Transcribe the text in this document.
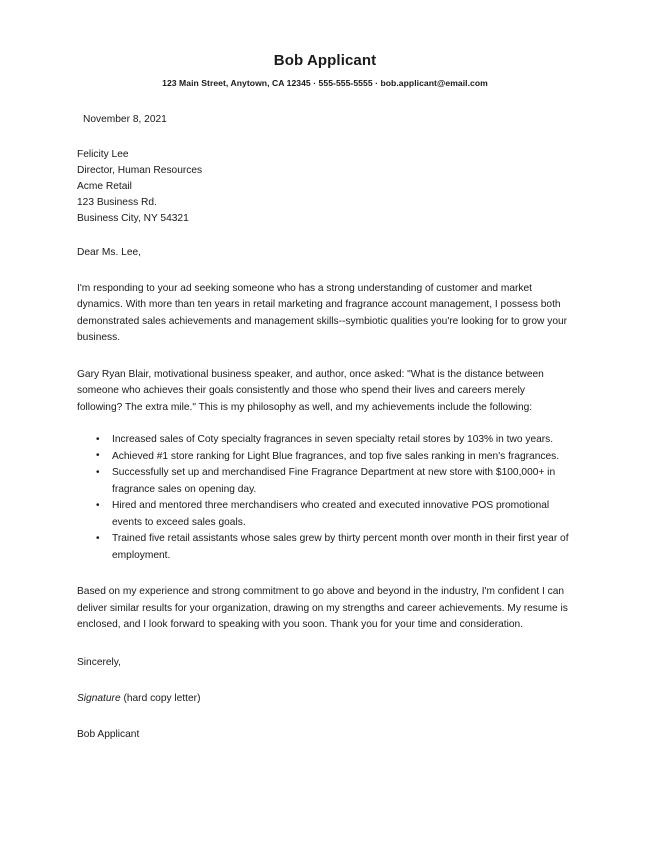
Bob Applicant
123 Main Street, Anytown, CA 12345 · 555-555-5555 · bob.applicant@email.com
November 8, 2021
Felicity Lee
Director, Human Resources
Acme Retail
123 Business Rd.
Business City, NY 54321
Dear Ms. Lee,

I'm responding to your ad seeking someone who has a strong understanding of customer and market dynamics. With more than ten years in retail marketing and fragrance account management, I possess both demonstrated sales achievements and management skills--symbiotic qualities you're looking for to grow your business.

Gary Ryan Blair, motivational business speaker, and author, once asked: "What is the distance between someone who achieves their goals consistently and those who spend their lives and careers merely following? The extra mile." This is my philosophy as well, and my achievements include the following:

• Increased sales of Coty specialty fragrances in seven specialty retail stores by 103% in two years.
• Achieved #1 store ranking for Light Blue fragrances, and top five sales ranking in men's fragrances.
• Successfully set up and merchandised Fine Fragrance Department at new store with $100,000+ in fragrance sales on opening day.
• Hired and mentored three merchandisers who created and executed innovative POS promotional events to exceed sales goals.
• Trained five retail assistants whose sales grew by thirty percent month over month in their first year of employment.

Based on my experience and strong commitment to go above and beyond in the industry, I'm confident I can deliver similar results for your organization, drawing on my strengths and career achievements. My resume is enclosed, and I look forward to speaking with you soon. Thank you for your time and consideration.

Sincerely,
Signature (hard copy letter)
Bob Applicant
